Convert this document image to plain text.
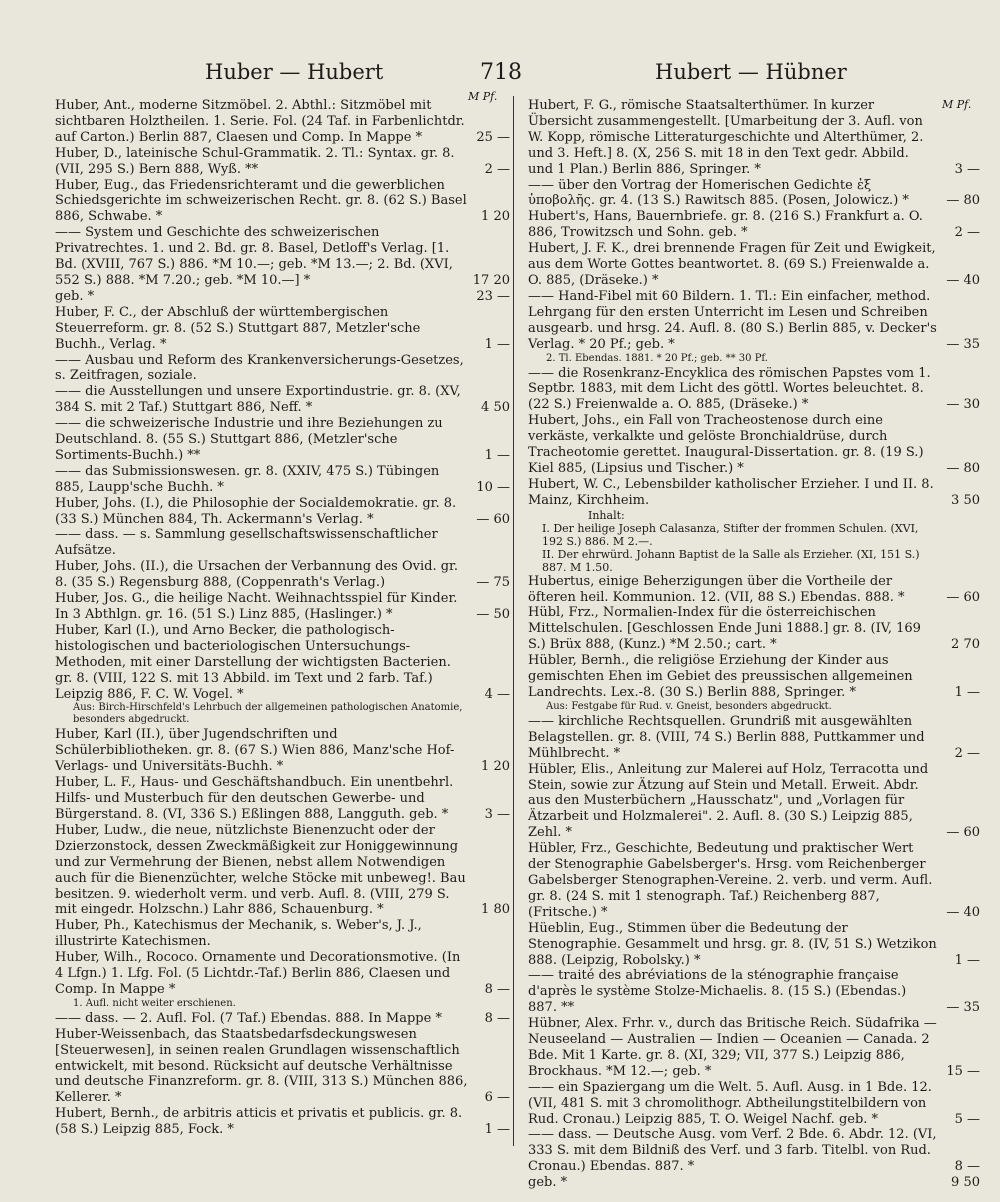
Huber — Hubert	718	Hubert — Hübner
M Pf.
M Pf.

Huber, Ant., moderne Sitzmöbel. 2. Abthl.: Sitzmöbel mit sichtbaren Holztheilen. 1. Serie. Fol. (24 Taf. in Farbenlichtdr. auf Carton.) Berlin 887, Claesen und Comp. In Mappe *	25 —

Huber, D., lateinische Schul-Grammatik. 2. Tl.: Syntax. gr. 8. (VII, 295 S.) Bern 888, Wyß. **	2 —

Huber, Eug., das Friedensrichteramt und die gewerblichen Schiedsgerichte im schweizerischen Recht. gr. 8. (62 S.) Basel 886, Schwabe. *	1 20

—— System und Geschichte des schweizerischen Privatrechtes. 1. und 2. Bd. gr. 8. Basel, Detloff's Verlag. [1. Bd. (XVIII, 767 S.) 886. *M 10.—; geb. *M 13.—; 2. Bd. (XVI, 552 S.) 888. *M 7.20.; geb. *M 10.—] *	17 20

geb. *	23 —

Huber, F. C., der Abschluß der württembergischen Steuerreform. gr. 8. (52 S.) Stuttgart 887, Metzler'sche Buchh., Verlag. *	1 —

—— Ausbau und Reform des Krankenversicherungs-Gesetzes, s. Zeitfragen, soziale.

—— die Ausstellungen und unsere Exportindustrie. gr. 8. (XV, 384 S. mit 2 Taf.) Stuttgart 886, Neff. *	4 50

—— die schweizerische Industrie und ihre Beziehungen zu Deutschland. 8. (55 S.) Stuttgart 886, (Metzler'sche Sortiments-Buchh.) **	1 —

—— das Submissionswesen. gr. 8. (XXIV, 475 S.) Tübingen 885, Laupp'sche Buchh. *	10 —

Huber, Johs. (I.), die Philosophie der Socialdemokratie. gr. 8. (33 S.) München 884, Th. Ackermann's Verlag. *	— 60

—— dass. — s. Sammlung gesellschaftswissenschaftlicher Aufsätze.

Huber, Johs. (II.), die Ursachen der Verbannung des Ovid. gr. 8. (35 S.) Regensburg 888, (Coppenrath's Verlag.)	— 75

Huber, Jos. G., die heilige Nacht. Weihnachtsspiel für Kinder. In 3 Abthlgn. gr. 16. (51 S.) Linz 885, (Haslinger.) *	— 50

Huber, Karl (I.), und Arno Becker, die pathologisch-histologischen und bacteriologischen Untersuchungs-Methoden, mit einer Darstellung der wichtigsten Bacterien. gr. 8. (VIII, 122 S. mit 13 Abbild. im Text und 2 farb. Taf.) Leipzig 886, F. C. W. Vogel. *	4 —

Aus: Birch-Hirschfeld's Lehrbuch der allgemeinen pathologischen Anatomie, besonders abgedruckt.

Huber, Karl (II.), über Jugendschriften und Schülerbibliotheken. gr. 8. (67 S.) Wien 886, Manz'sche Hof-Verlags- und Universitäts-Buchh. *	1 20

Huber, L. F., Haus- und Geschäftshandbuch. Ein unentbehrl. Hilfs- und Musterbuch für den deutschen Gewerbe- und Bürgerstand. 8. (VI, 336 S.) Eßlingen 888, Langguth. geb. *	3 —

Huber, Ludw., die neue, nützlichste Bienenzucht oder der Dzierzonstock, dessen Zweckmäßigkeit zur Honiggewinnung und zur Vermehrung der Bienen, nebst allem Notwendigen auch für die Bienenzüchter, welche Stöcke mit unbeweg!. Bau besitzen. 9. wiederholt verm. und verb. Aufl. 8. (VIII, 279 S. mit eingedr. Holzschn.) Lahr 886, Schauenburg. *	1 80

Huber, Ph., Katechismus der Mechanik, s. Weber's, J. J., illustrirte Katechismen.

Huber, Wilh., Rococo. Ornamente und Decorationsmotive. (In 4 Lfgn.) 1. Lfg. Fol. (5 Lichtdr.-Taf.) Berlin 886, Claesen und Comp. In Mappe *	8 —

1. Aufl. nicht weiter erschienen.

—— dass. — 2. Aufl. Fol. (7 Taf.) Ebendas. 888. In Mappe *	8 —

Huber-Weissenbach, das Staatsbedarfsdeckungswesen [Steuerwesen], in seinen realen Grundlagen wissenschaftlich entwickelt, mit besond. Rücksicht auf deutsche Verhältnisse und deutsche Finanzreform. gr. 8. (VIII, 313 S.) München 886, Kellerer. *	6 —

Hubert, Bernh., de arbitris atticis et privatis et publicis. gr. 8. (58 S.) Leipzig 885, Fock. *	1 —

Hubert, F. G., römische Staatsalterthümer. In kurzer Übersicht zusammengestellt. [Umarbeitung der 3. Aufl. von W. Kopp, römische Litteraturgeschichte und Alterthümer, 2. und 3. Heft.] 8. (X, 256 S. mit 18 in den Text gedr. Abbild. und 1 Plan.) Berlin 886, Springer. *	3 —

—— über den Vortrag der Homerischen Gedichte ἐξ ὑποβολῆς. gr. 4. (13 S.) Rawitsch 885. (Posen, Jolowicz.) *	— 80

Hubert's, Hans, Bauernbriefe. gr. 8. (216 S.) Frankfurt a. O. 886, Trowitzsch und Sohn. geb. *	2 —

Hubert, J. F. K., drei brennende Fragen für Zeit und Ewigkeit, aus dem Worte Gottes beantwortet. 8. (69 S.) Freienwalde a. O. 885, (Dräseke.) *	— 40

—— Hand-Fibel mit 60 Bildern. 1. Tl.: Ein einfacher, method. Lehrgang für den ersten Unterricht im Lesen und Schreiben ausgearb. und hrsg. 24. Aufl. 8. (80 S.) Berlin 885, v. Decker's Verlag. * 20 Pf.; geb. *	— 35

2. Tl. Ebendas. 1881. * 20 Pf.; geb. ** 30 Pf.

—— die Rosenkranz-Encyklica des römischen Papstes vom 1. Septbr. 1883, mit dem Licht des göttl. Wortes beleuchtet. 8. (22 S.) Freienwalde a. O. 885, (Dräseke.) *	— 30

Hubert, Johs., ein Fall von Tracheostenose durch eine verkäste, verkalkte und gelöste Bronchialdrüse, durch Tracheotomie gerettet. Inaugural-Dissertation. gr. 8. (19 S.) Kiel 885, (Lipsius und Tischer.) *	— 80

Hubert, W. C., Lebensbilder katholischer Erzieher. I und II. 8. Mainz, Kirchheim.	3 50

Inhalt:
I. Der heilige Joseph Calasanza, Stifter der frommen Schulen. (XVI, 192 S.) 886. M 2.—.
II. Der ehrwürd. Johann Baptist de la Salle als Erzieher. (XI, 151 S.) 887. M 1.50.

Hubertus, einige Beherzigungen über die Vortheile der öfteren heil. Kommunion. 12. (VII, 88 S.) Ebendas. 888. *	— 60

Hübl, Frz., Normalien-Index für die österreichischen Mittelschulen. [Geschlossen Ende Juni 1888.] gr. 8. (IV, 169 S.) Brüx 888, (Kunz.) *M 2.50.; cart. *	2 70

Hübler, Bernh., die religiöse Erziehung der Kinder aus gemischten Ehen im Gebiet des preussischen allgemeinen Landrechts. Lex.-8. (30 S.) Berlin 888, Springer. *	1 —

Aus: Festgabe für Rud. v. Gneist, besonders abgedruckt.

—— kirchliche Rechtsquellen. Grundriß mit ausgewählten Belagstellen. gr. 8. (VIII, 74 S.) Berlin 888, Puttkammer und Mühlbrecht. *	2 —

Hübler, Elis., Anleitung zur Malerei auf Holz, Terracotta und Stein, sowie zur Ätzung auf Stein und Metall. Erweit. Abdr. aus den Musterbüchern „Hausschatz", und „Vorlagen für Ätzarbeit und Holzmalerei". 2. Aufl. 8. (30 S.) Leipzig 885, Zehl. *	— 60

Hübler, Frz., Geschichte, Bedeutung und praktischer Wert der Stenographie Gabelsberger's. Hrsg. vom Reichenberger Gabelsberger Stenographen-Vereine. 2. verb. und verm. Aufl. gr. 8. (24 S. mit 1 stenograph. Taf.) Reichenberg 887, (Fritsche.) *	— 40

Hüeblin, Eug., Stimmen über die Bedeutung der Stenographie. Gesammelt und hrsg. gr. 8. (IV, 51 S.) Wetzikon 888. (Leipzig, Robolsky.) *	1 —

—— traité des abréviations de la sténographie française d'après le système Stolze-Michaelis. 8. (15 S.) (Ebendas.) 887. **	— 35

Hübner, Alex. Frhr. v., durch das Britische Reich. Südafrika — Neuseeland — Australien — Indien — Oceanien — Canada. 2 Bde. Mit 1 Karte. gr. 8. (XI, 329; VII, 377 S.) Leipzig 886, Brockhaus. *M 12.—; geb. *	15 —

—— ein Spaziergang um die Welt. 5. Aufl. Ausg. in 1 Bde. 12. (VII, 481 S. mit 3 chromolithogr. Abtheilungstitelbildern von Rud. Cronau.) Leipzig 885, T. O. Weigel Nachf. geb. *	5 —

—— dass. — Deutsche Ausg. vom Verf. 2 Bde. 6. Abdr. 12. (VI, 333 S. mit dem Bildniß des Verf. und 3 farb. Titelbl. von Rud. Cronau.) Ebendas. 887. *	8 —

geb. *	9 50
